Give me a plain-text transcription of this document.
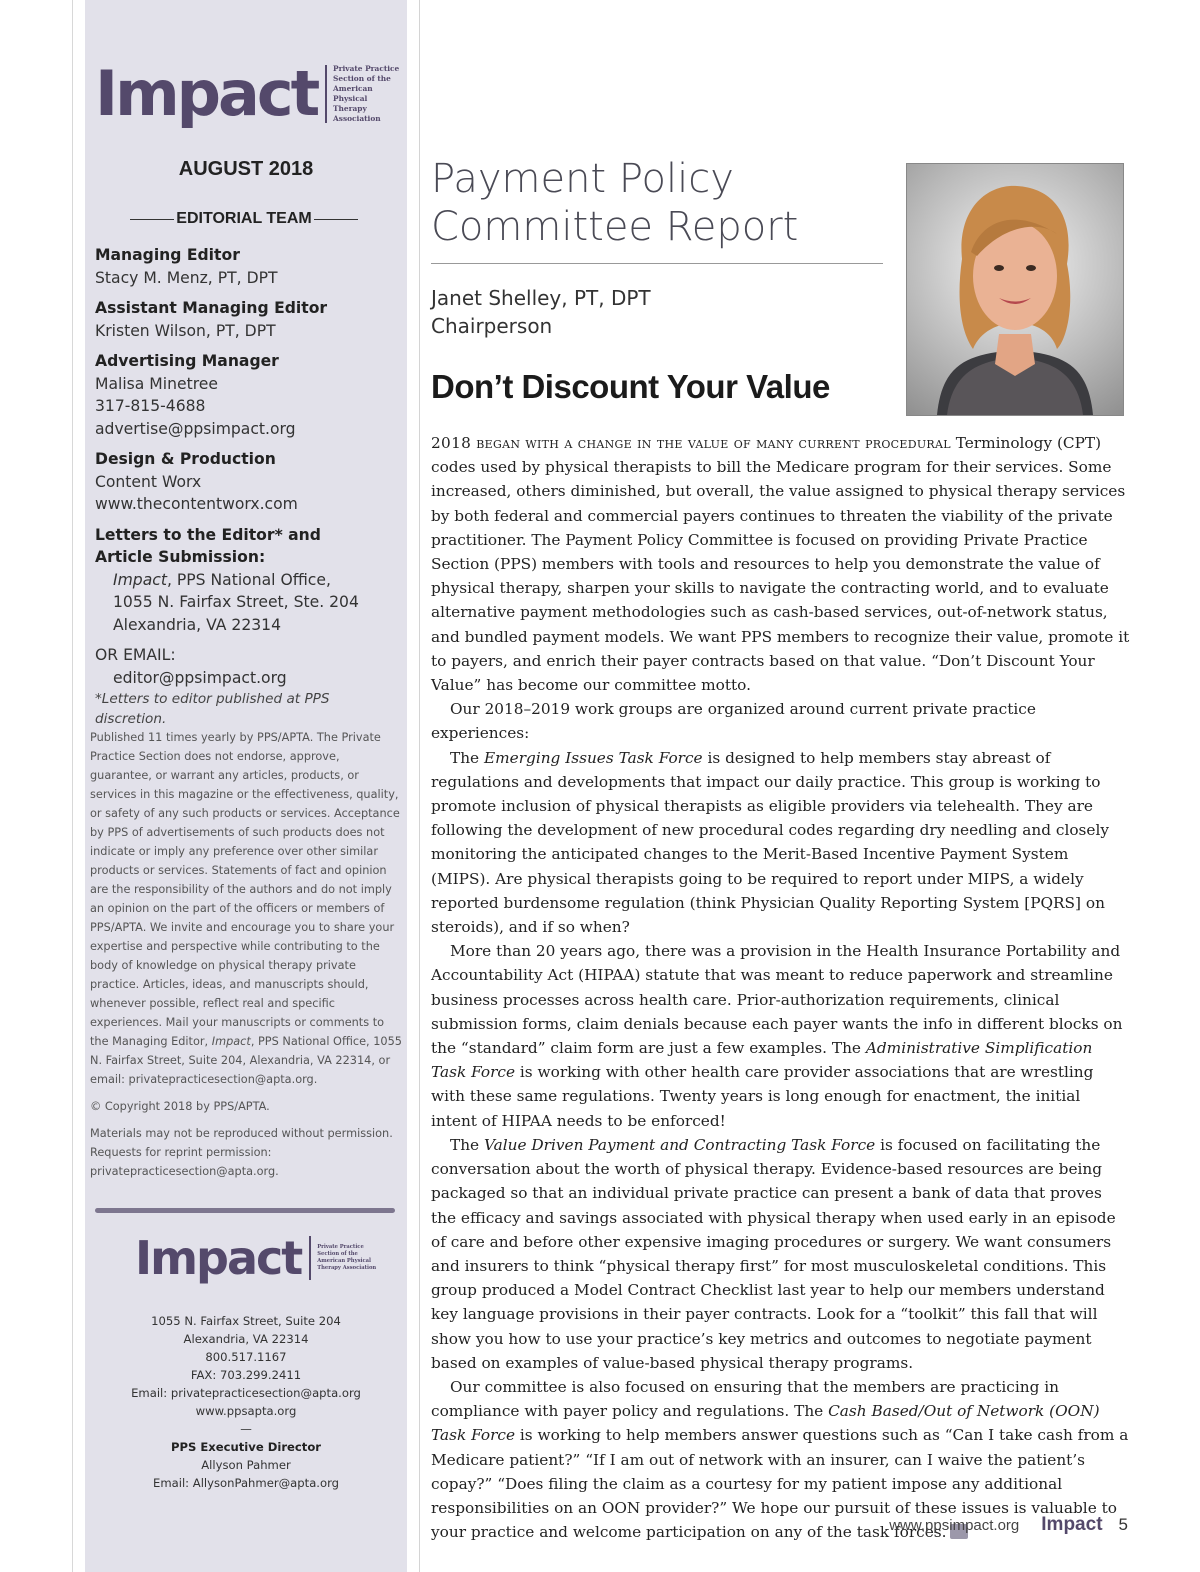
Impact Private Practice
Section of the
American Physical
Therapy Association
AUGUST 2018
EDITORIAL TEAM
Managing Editor
Stacy M. Menz, PT, DPT
Assistant Managing Editor
Kristen Wilson, PT, DPT
Advertising Manager
Malisa Minetree
317-815-4688
advertise@ppsimpact.org
Design & Production
Content Worx
www.thecontentworx.com
Letters to the Editor* and
Article Submission:
Impact, PPS National Office,
1055 N. Fairfax Street, Ste. 204
Alexandria, VA 22314
OR EMAIL:
editor@ppsimpact.org
*Letters to editor published at PPS discretion.

Published 11 times yearly by PPS/APTA. The Private Practice Section does not endorse, approve, guarantee, or warrant any articles, products, or services in this magazine or the effectiveness, quality, or safety of any such products or services. Acceptance by PPS of advertisements of such products does not indicate or imply any preference over other similar products or services. Statements of fact and opinion are the responsibility of the authors and do not imply an opinion on the part of the officers or members of PPS/APTA. We invite and encourage you to share your expertise and perspective while contributing to the body of knowledge on physical therapy private practice. Articles, ideas, and manuscripts should, whenever possible, reflect real and specific experiences. Mail your manuscripts or comments to the Managing Editor, Impact, PPS National Office, 1055 N. Fairfax Street, Suite 204, Alexandria, VA 22314, or email: privatepracticesection@apta.org.

© Copyright 2018 by PPS/APTA.

Materials may not be reproduced without permission. Requests for reprint permission: privatepracticesection@apta.org.

Impact	Private Practice
Section of the
American Physical
Therapy Association
1055 N. Fairfax Street, Suite 204
Alexandria, VA 22314
800.517.1167
FAX: 703.299.2411
Email: privatepracticesection@apta.org
www.ppsapta.org
—
PPS Executive Director
Allyson Pahmer
Email: AllysonPahmer@apta.org
Payment Policy
Committee Report
Janet Shelley, PT, DPT
Chairperson
Don’t Discount Your Value

2018 began with a change in the value of many current procedural Terminology (CPT) codes used by physical therapists to bill the Medicare program for their services. Some increased, others diminished, but overall, the value assigned to physical therapy services by both federal and commercial payers continues to threaten the viability of the private practitioner. The Payment Policy Committee is focused on providing Private Practice Section (PPS) members with tools and resources to help you demonstrate the value of physical therapy, sharpen your skills to navigate the contracting world, and to evaluate alternative payment methodologies such as cash-based services, out-of-network status, and bundled payment models. We want PPS members to recognize their value, promote it to payers, and enrich their payer contracts based on that value. “Don’t Discount Your Value” has become our committee motto.

Our 2018–2019 work groups are organized around current private practice experiences:

The Emerging Issues Task Force is designed to help members stay abreast of regulations and developments that impact our daily practice. This group is working to promote inclusion of physical therapists as eligible providers via telehealth. They are following the development of new procedural codes regarding dry needling and closely monitoring the anticipated changes to the Merit-Based Incentive Payment System (MIPS). Are physical therapists going to be required to report under MIPS, a widely reported burdensome regulation (think Physician Quality Reporting System [PQRS] on steroids), and if so when?

More than 20 years ago, there was a provision in the Health Insurance Portability and Accountability Act (HIPAA) statute that was meant to reduce paperwork and streamline business processes across health care. Prior-authorization requirements, clinical submission forms, claim denials because each payer wants the info in different blocks on the “standard” claim form are just a few examples. The Administrative Simplification Task Force is working with other health care provider associations that are wrestling with these same regulations. Twenty years is long enough for enactment, the initial intent of HIPAA needs to be enforced!

The Value Driven Payment and Contracting Task Force is focused on facilitating the conversation about the worth of physical therapy. Evidence-based resources are being packaged so that an individual private practice can present a bank of data that proves the efficacy and savings associated with physical therapy when used early in an episode of care and before other expensive imaging procedures or surgery. We want consumers and insurers to think “physical therapy first” for most musculoskeletal conditions. This group produced a Model Contract Checklist last year to help our members understand key language provisions in their payer contracts. Look for a “toolkit” this fall that will show you how to use your practice’s key metrics and outcomes to negotiate payment based on examples of value-based physical therapy programs.

Our committee is also focused on ensuring that the members are practicing in compliance with payer policy and regulations. The Cash Based/Out of Network (OON) Task Force is working to help members answer questions such as “Can I take cash from a Medicare patient?” “If I am out of network with an insurer, can I waive the patient’s copay?” “Does filing the claim as a courtesy for my patient impose any additional responsibilities on an OON provider?” We hope our pursuit of these issues is valuable to your practice and welcome participation on any of the task forces.

www.ppsimpact.org Impact 5
